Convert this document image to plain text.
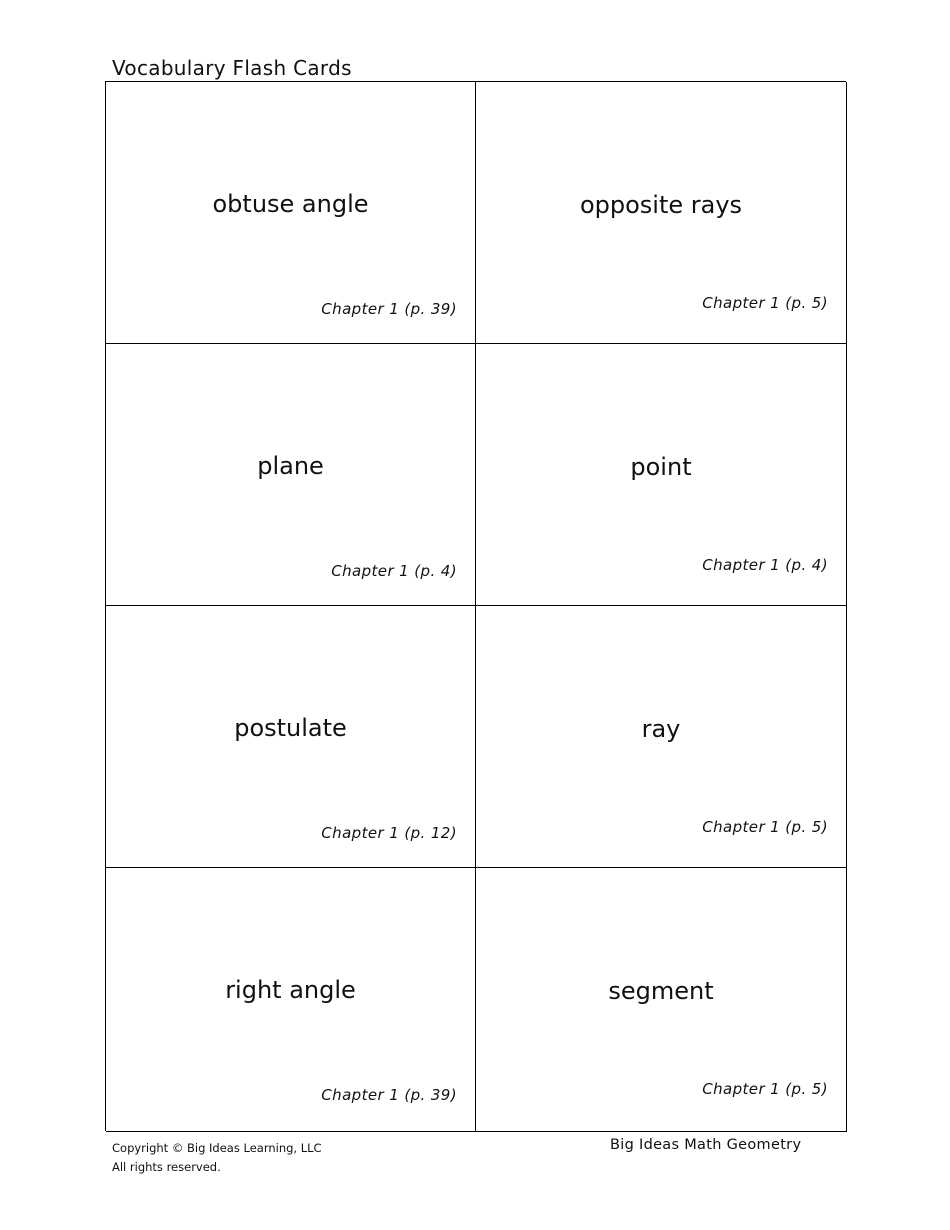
Vocabulary Flash Cards
obtuse angle
Chapter 1 (p. 39)
opposite rays
Chapter 1 (p. 5)
plane
Chapter 1 (p. 4)
point
Chapter 1 (p. 4)
postulate
Chapter 1 (p. 12)
ray
Chapter 1 (p. 5)
right angle
Chapter 1 (p. 39)
segment
Chapter 1 (p. 5)
Copyright © Big Ideas Learning, LLC
All rights reserved.
Big Ideas Math Geometry
